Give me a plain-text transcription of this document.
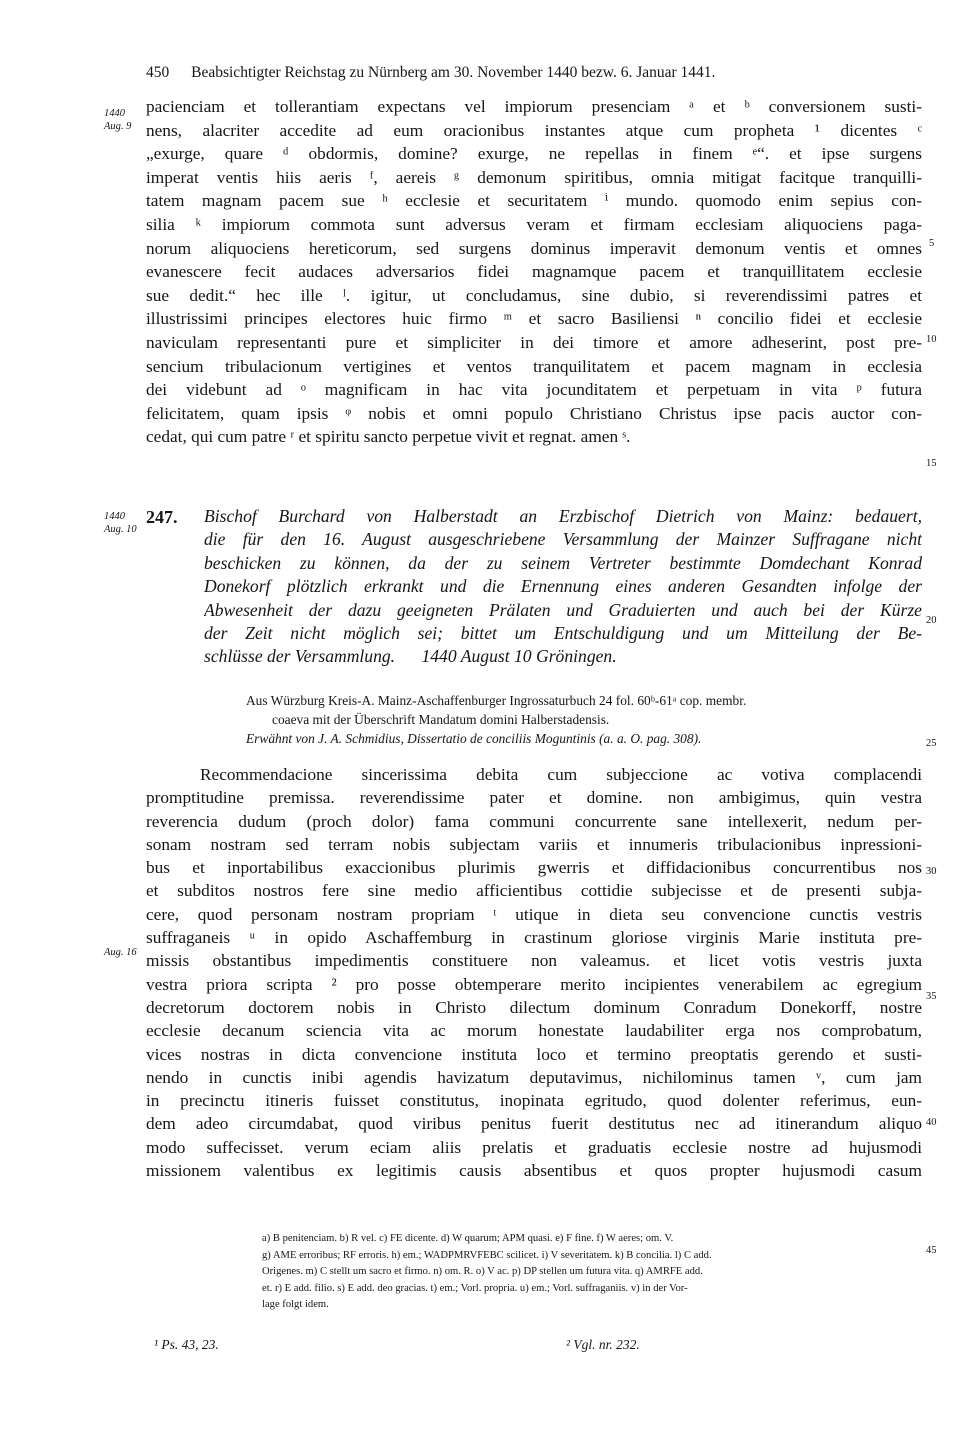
450 Beabsichtigter Reichstag zu Nürnberg am 30. November 1440 bezw. 6. Januar 1441.
1440
Aug. 9
1440
Aug. 10
Aug. 16
5
10
15
20
25
30
35
40
45
pacienciam et tollerantiam expectans vel impiorum presenciam ᵃ et ᵇ conversionem susti-
nens, alacriter accedite ad eum oracionibus instantes atque cum propheta ¹ dicentes ᶜ
„exurge, quare ᵈ obdormis, domine? exurge, ne repellas in finem ᵉ“. et ipse surgens
imperat ventis hiis aeris ᶠ, aereis ᵍ demonum spiritibus, omnia mitigat facitque tranquilli-
tatem magnam pacem sue ʰ ecclesie et securitatem ⁱ mundo. quomodo enim sepius con-
silia ᵏ impiorum commota sunt adversus veram et firmam ecclesiam aliquociens paga-
norum aliquociens hereticorum, sed surgens dominus imperavit demonum ventis et omnes
evanescere fecit audaces adversarios fidei magnamque pacem et tranquillitatem ecclesie
sue dedit.“ hec ille ˡ. igitur, ut concludamus, sine dubio, si reverendissimi patres et
illustrissimi principes electores huic firmo ᵐ et sacro Basiliensi ⁿ concilio fidei et ecclesie
naviculam representanti pure et simpliciter in dei timore et amore adheserint, post pre-
sencium tribulacionum vertigines et ventos tranquilitatem et pacem magnam in ecclesia
dei videbunt ad ᵒ magnificam in hac vita jocunditatem et perpetuam in vita ᵖ futura
felicitatem, quam ipsis ᵠ nobis et omni populo Christiano Christus ipse pacis auctor con-
cedat, qui cum patre ʳ et spiritu sancto perpetue vivit et regnat. amen ˢ.
247. Bischof Burchard von Halberstadt an Erzbischof Dietrich von Mainz: bedauert,
die für den 16. August ausgeschriebene Versammlung der Mainzer Suffragane nicht
beschicken zu können, da der zu seinem Vertreter bestimmte Domdechant Konrad
Donekorf plötzlich erkrankt und die Ernennung eines anderen Gesandten infolge der
Abwesenheit der dazu geeigneten Prälaten und Graduierten und auch bei der Kürze
der Zeit nicht möglich sei; bittet um Entschuldigung und um Mitteilung der Be-
schlüsse der Versammlung.      1440 August 10 Gröningen.
Aus Würzburg Kreis-A. Mainz-Aschaffenburger Ingrossaturbuch 24 fol. 60ᵇ-61ᵃ cop. membr.
coaeva mit der Überschrift Mandatum domini Halberstadensis.
Erwähnt von J. A. Schmidius, Dissertatio de conciliis Moguntinis (a. a. O. pag. 308).
Recommendacione sincerissima debita cum subjeccione ac votiva complacendi
promptitudine premissa. reverendissime pater et domine. non ambigimus, quin vestra
reverencia dudum (proch dolor) fama communi concurrente sane intellexerit, nedum per-
sonam nostram sed terram nobis subjectam variis et innumeris tribulacionibus inpressioni-
bus et inportabilibus exaccionibus plurimis gwerris et diffidacionibus concurrentibus nos
et subditos nostros fere sine medio afficientibus cottidie subjecisse et de presenti subja-
cere, quod personam nostram propriam ᵗ utique in dieta seu convencione cunctis vestris
suffraganeis ᵘ in opido Aschaffemburg in crastinum gloriose virginis Marie instituta pre-
missis obstantibus impedimentis constituere non valeamus. et licet votis vestris juxta
vestra priora scripta ² pro posse obtemperare merito incipientes venerabilem ac egregium
decretorum doctorem nobis in Christo dilectum dominum Conradum Donekorff, nostre
ecclesie decanum sciencia vita ac morum honestate laudabiliter erga nos comprobatum,
vices nostras in dicta convencione instituta loco et termino preoptatis gerendo et susti-
nendo in cunctis inibi agendis havizatum deputavimus, nichilominus tamen ᵛ, cum jam
in precinctu itineris fuisset constitutus, inopinata egritudo, quod dolenter referimus, eun-
dem adeo circumdabat, quod viribus penitus fuerit destitutus nec ad itinerandum aliquo
modo suffecisset. verum eciam aliis prelatis et graduatis ecclesie nostre ad hujusmodi
missionem valentibus ex legitimis causis absentibus et quos propter hujusmodi casum
a) B penitenciam. b) R vel. c) FE dicente. d) W quarum; APM quasi. e) F fine. f) W aeres; om. V.
g) AME erroribus; RF erroris. h) em.; WADPMRVFEBC scilicet. i) V severitatem. k) B concilia. l) C add.
Origenes. m) C stellt um sacro et firmo. n) om. R. o) V ac. p) DP stellen um futura vita. q) AMRFE add.
et. r) E add. filio. s) E add. deo gracias. t) em.; Vorl. propria. u) em.; Vorl. suffraganiis. v) in der Vor-
lage folgt idem.
¹ Ps. 43, 23.	² Vgl. nr. 232.
